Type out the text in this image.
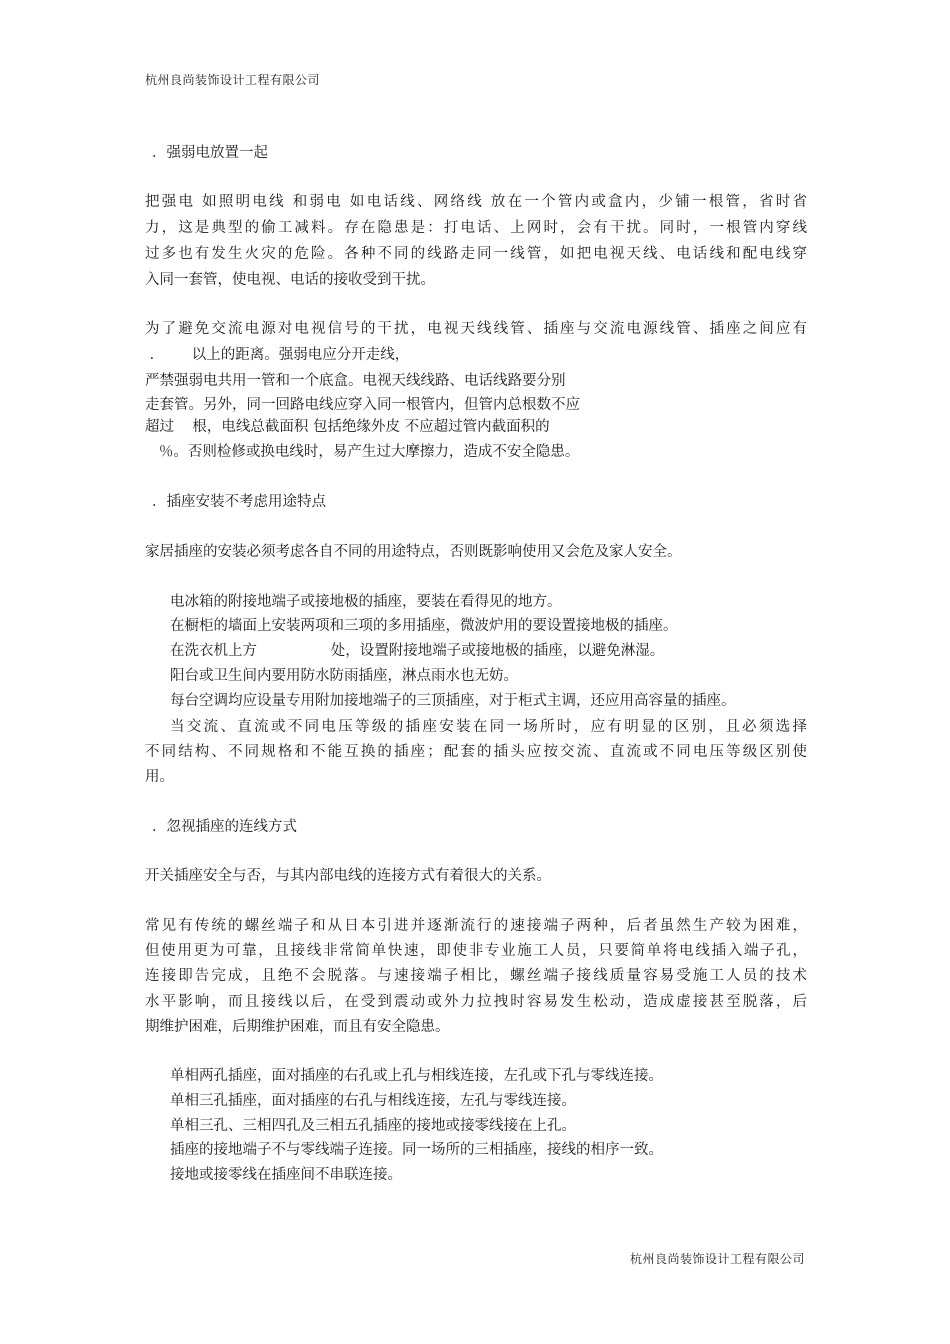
杭州良尚装饰设计工程有限公司
．强弱电放置一起
把强电 如照明电线 和弱电 如电话线、网络线 放在一个管内或盒内，少铺一根管，省时省
力，这是典型的偷工减料。存在隐患是：打电话、上网时，会有干扰。同时，一根管内穿线
过多也有发生火灾的危险。各种不同的线路走同一线管，如把电视天线、电话线和配电线穿
入同一套管，使电视、电话的接收受到干扰。
为了避免交流电源对电视信号的干扰，电视天线线管、插座与交流电源线管、插座之间应有
．      以上的距离。强弱电应分开走线，
严禁强弱电共用一管和一个底盒。电视天线线路、电话线路要分别
走套管。另外，同一回路电线应穿入同一根管内，但管内总根数不应
超过    根，电线总截面积 包括绝缘外皮 不应超过管内截面积的
％。否则检修或换电线时，易产生过大摩擦力，造成不安全隐患。
．插座安装不考虑用途特点
家居插座的安装必须考虑各自不同的用途特点，否则既影响使用又会危及家人安全。
电冰箱的附接地端子或接地极的插座，要装在看得见的地方。
在橱柜的墙面上安装两项和三项的多用插座，微波炉用的要设置接地极的插座。
在洗衣机上方                处，设置附接地端子或接地极的插座，以避免淋湿。
阳台或卫生间内要用防水防雨插座，淋点雨水也无妨。
每台空调均应设量专用附加接地端子的三顶插座，对于柜式主调，还应用高容量的插座。
当交流、直流或不同电压等级的插座安装在同一场所时，应有明显的区别，且必须选择
不同结构、不同规格和不能互换的插座；配套的插头应按交流、直流或不同电压等级区别使
用。
．忽视插座的连线方式
开关插座安全与否，与其内部电线的连接方式有着很大的关系。
常见有传统的螺丝端子和从日本引进并逐渐流行的速接端子两种，后者虽然生产较为困难，
但使用更为可靠，且接线非常简单快速，即使非专业施工人员，只要简单将电线插入端子孔，
连接即告完成，且绝不会脱落。与速接端子相比，螺丝端子接线质量容易受施工人员的技术
水平影响，而且接线以后，在受到震动或外力拉拽时容易发生松动，造成虚接甚至脱落，后
期维护困难，后期维护困难，而且有安全隐患。
单相两孔插座，面对插座的右孔或上孔与相线连接，左孔或下孔与零线连接。
单相三孔插座，面对插座的右孔与相线连接，左孔与零线连接。
单相三孔、三相四孔及三相五孔插座的接地或接零线接在上孔。
插座的接地端子不与零线端子连接。同一场所的三相插座，接线的相序一致。
接地或接零线在插座间不串联连接。
杭州良尚装饰设计工程有限公司
